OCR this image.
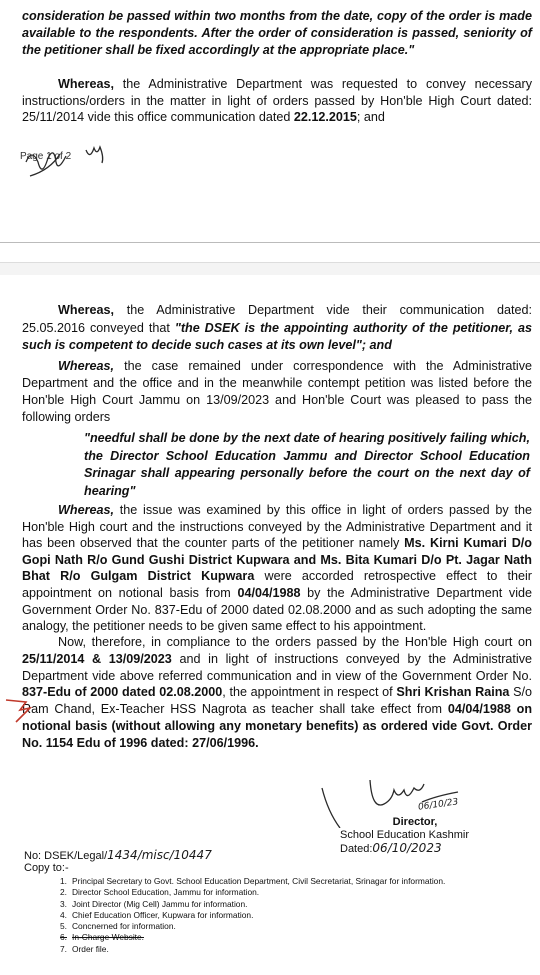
consideration be passed within two months from the date, copy of the order is made available to the respondents. After the order of consideration is passed, seniority of the petitioner shall be fixed accordingly at the appropriate place."

Whereas, the Administrative Department was requested to convey necessary instructions/orders in the matter in light of orders passed by Hon'ble High Court dated: 25/11/2014 vide this office communication dated 22.12.2015; and

Page 1 of 2

Whereas, the Administrative Department vide their communication dated: 25.05.2016 conveyed that "the DSEK is the appointing authority of the petitioner, as such is competent to decide such cases at its own level"; and

Whereas, the case remained under correspondence with the Administrative Department and the office and in the meanwhile contempt petition was listed before the Hon'ble High Court Jammu on 13/09/2023 and Hon'ble Court was pleased to pass the following orders

"needful shall be done by the next date of hearing positively failing which, the Director School Education Jammu and Director School Education Srinagar shall appearing personally before the court on the next day of hearing"

Whereas, the issue was examined by this office in light of orders passed by the Hon'ble High court and the instructions conveyed by the Administrative Department and it has been observed that the counter parts of the petitioner namely Ms. Kirni Kumari D/o Gopi Nath R/o Gund Gushi District Kupwara and Ms. Bita Kumari D/o Pt. Jagar Nath Bhat R/o Gulgam District Kupwara were accorded retrospective effect to their appointment on notional basis from 04/04/1988 by the Administrative Department vide Government Order No. 837-Edu of 2000 dated 02.08.2000 and as such adopting the same analogy, the petitioner needs to be given same effect to his appointment.

Now, therefore, in compliance to the orders passed by the Hon'ble High court on 25/11/2014 & 13/09/2023 and in light of instructions conveyed by the Administrative Department vide above referred communication and in view of the Government Order No. 837-Edu of 2000 dated 02.08.2000, the appointment in respect of Shri Krishan Raina S/o Ram Chand, Ex-Teacher HSS Nagrota as teacher shall take effect from 04/04/1988 on notional basis (without allowing any monetary benefits) as ordered vide Govt. Order No. 1154 Edu of 1996 dated: 27/06/1996.

06/10/23
Director,
School Education Kashmir
Dated:06/10/2023
No: DSEK/Legal/1434/misc/10447
Copy to:-
1. Principal Secretary to Govt. School Education Department, Civil Secretariat, Srinagar for information.
2. Director School Education, Jammu for information.
3. Joint Director (Mig Cell) Jammu for information.
4. Chief Education Officer, Kupwara for information.
5. Concnerned for information.
6. In-Charge Website.
7. Order file.
